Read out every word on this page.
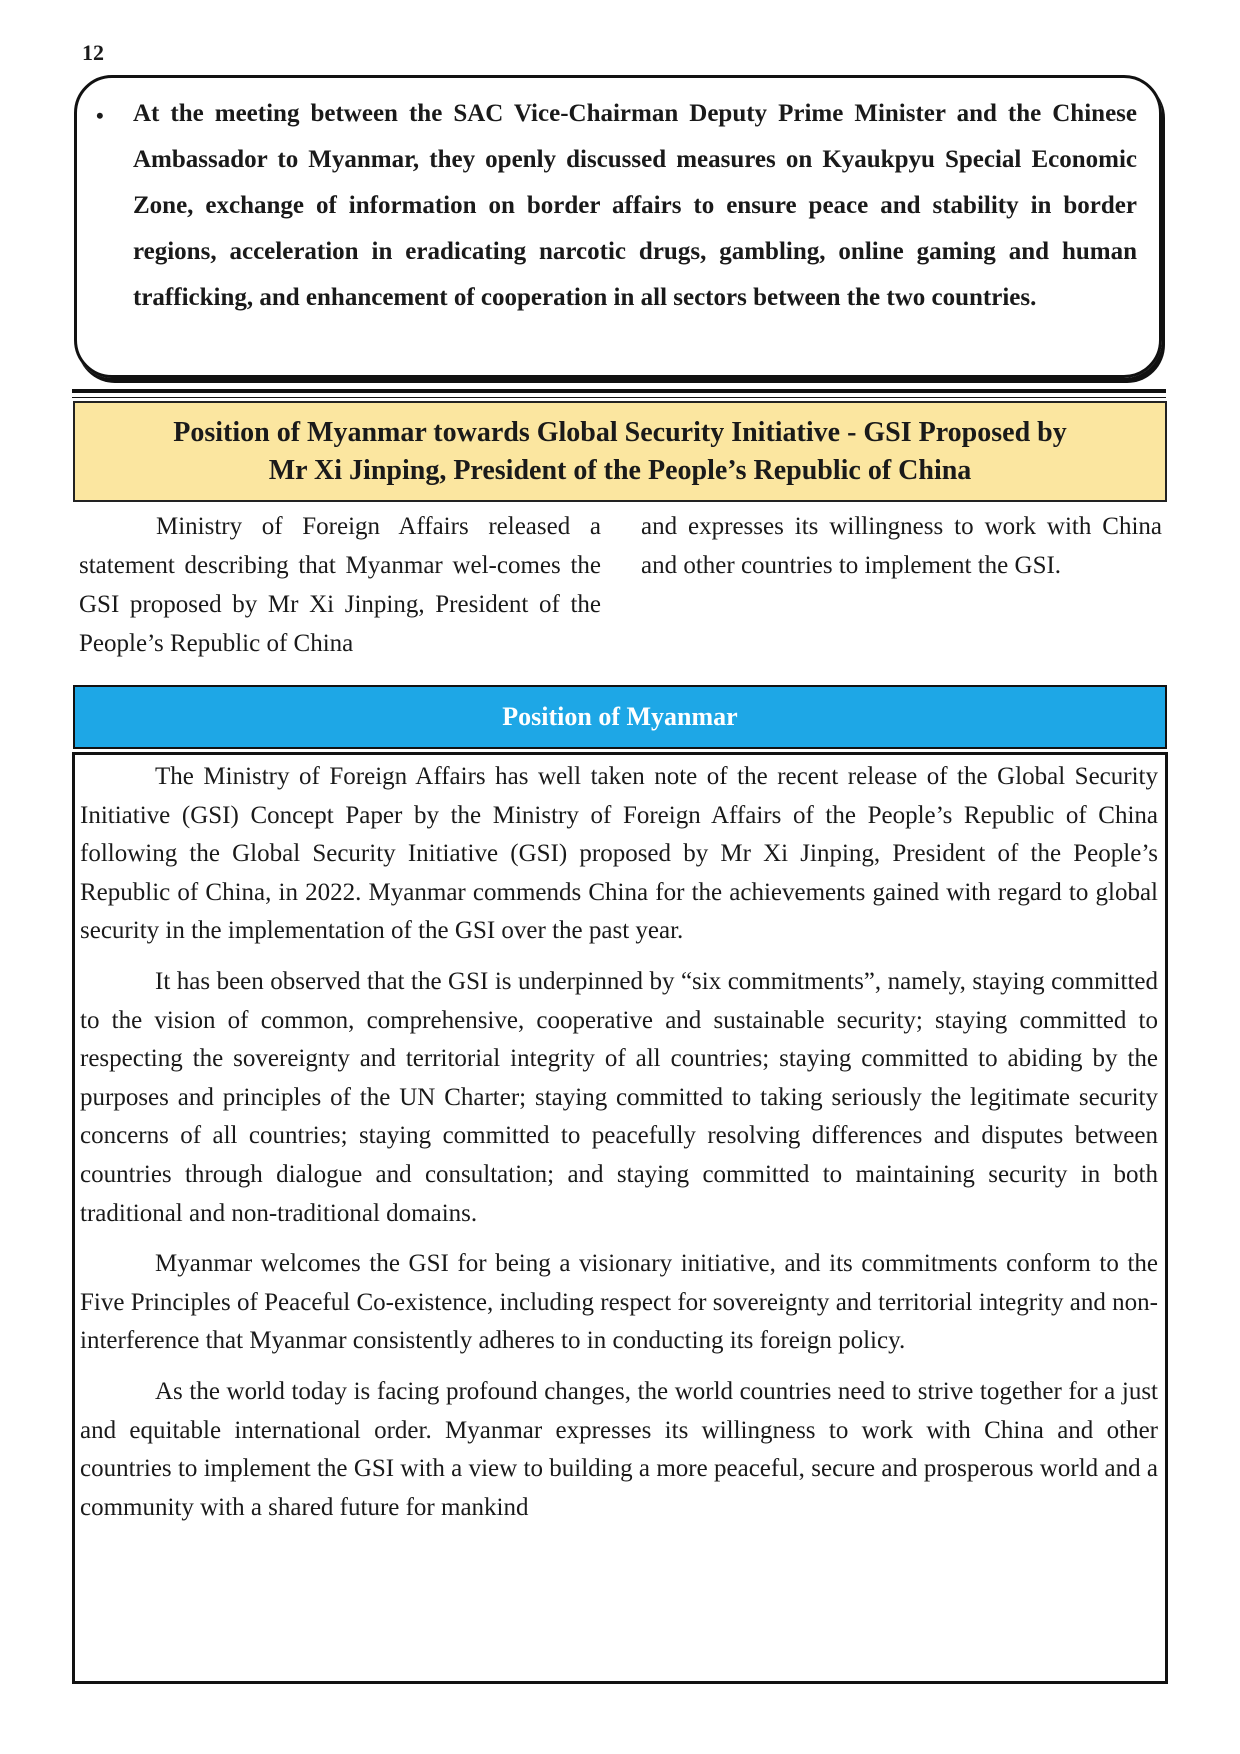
12
• At the meeting between the SAC Vice-Chairman Deputy Prime Minister and the Chinese Ambassador to Myanmar, they openly discussed measures on Kyaukpyu Special Economic Zone, exchange of information on border affairs to ensure peace and stability in border regions, acceleration in eradicating narcotic drugs, gambling, online gaming and human trafficking, and enhancement of cooperation in all sectors between the two countries.

Position of Myanmar towards Global Security Initiative - GSI Proposed by
Mr Xi Jinping, President of the People’s Republic of China

Ministry of Foreign Affairs released a statement describing that Myanmar wel-comes the GSI proposed by Mr Xi Jinping, President of the People’s Republic of China

and expresses its willingness to work with China and other countries to implement the GSI.

Position of Myanmar

The Ministry of Foreign Affairs has well taken note of the recent release of the Global Security Initiative (GSI) Concept Paper by the Ministry of Foreign Affairs of the People’s Republic of China following the Global Security Initiative (GSI) proposed by Mr Xi Jinping, President of the People’s Republic of China, in 2022. Myanmar commends China for the achievements gained with regard to global security in the implementation of the GSI over the past year.

It has been observed that the GSI is underpinned by “six commitments”, namely, staying committed to the vision of common, comprehensive, cooperative and sustainable security; staying committed to respecting the sovereignty and territorial integrity of all countries; staying committed to abiding by the purposes and principles of the UN Charter; staying committed to taking seriously the legitimate security concerns of all countries; staying committed to peacefully resolving differences and disputes between countries through dialogue and consultation; and staying committed to maintaining security in both traditional and non-traditional domains.

Myanmar welcomes the GSI for being a visionary initiative, and its commitments conform to the Five Principles of Peaceful Co-existence, including respect for sovereignty and territorial integrity and non-interference that Myanmar consistently adheres to in conducting its foreign policy.

As the world today is facing profound changes, the world countries need to strive together for a just and equitable international order. Myanmar expresses its willingness to work with China and other countries to implement the GSI with a view to building a more peaceful, secure and prosperous world and a community with a shared future for mankind
